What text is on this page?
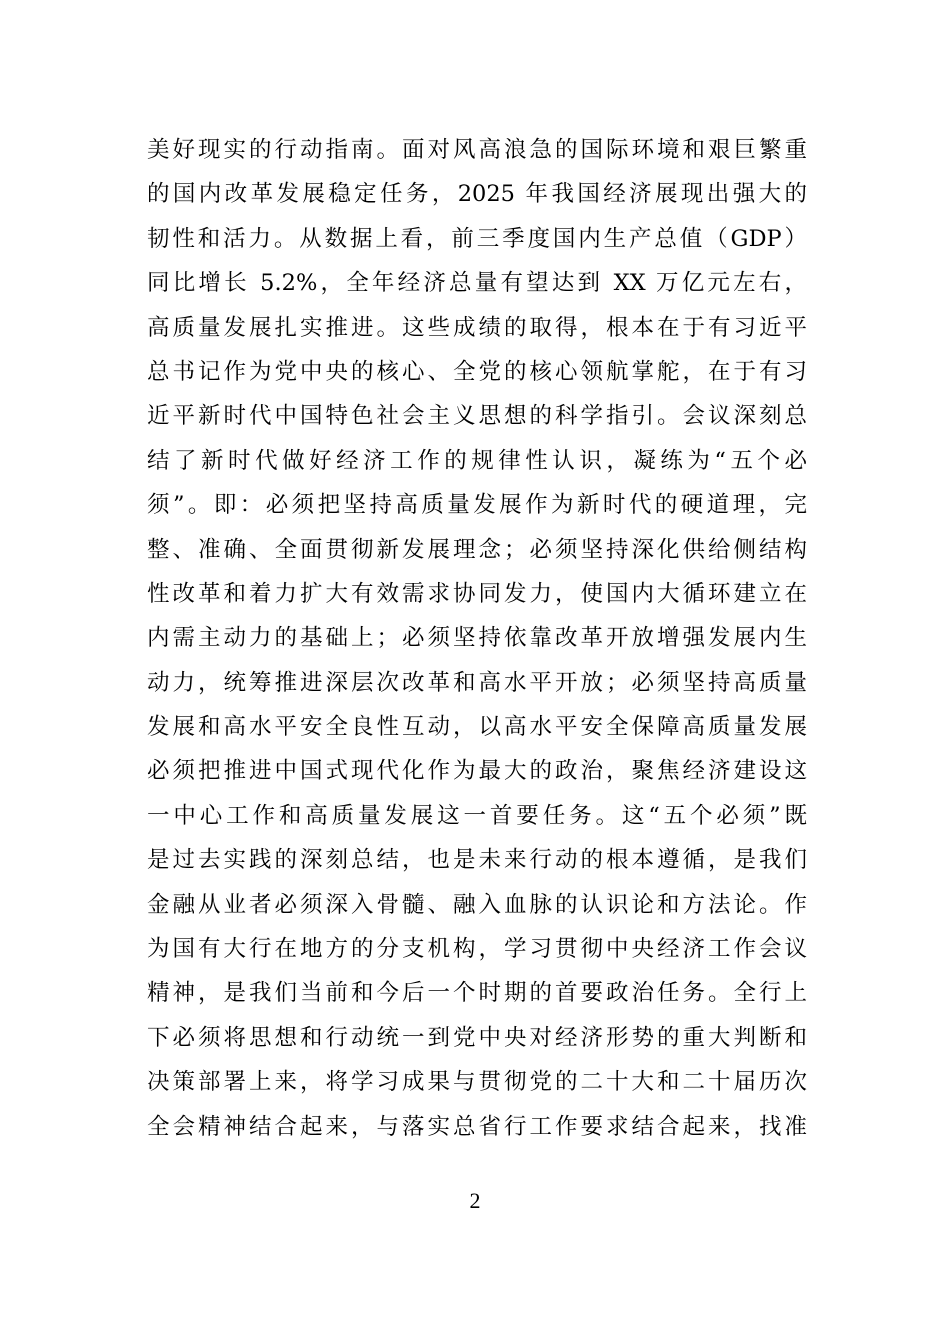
美好现实的行动指南。面对风高浪急的国际环境和艰巨繁重
的国内改革发展稳定任务，2025 年我国经济展现出强大的
韧性和活力。从数据上看，前三季度国内生产总值（GDP）
同比增长 5.2%，全年经济总量有望达到 XX 万亿元左右，
高质量发展扎实推进。这些成绩的取得，根本在于有习近平
总书记作为党中央的核心、全党的核心领航掌舵，在于有习
近平新时代中国特色社会主义思想的科学指引。会议深刻总
结了新时代做好经济工作的规律性认识，凝练为“五个必
须”。即：必须把坚持高质量发展作为新时代的硬道理，完
整、准确、全面贯彻新发展理念；必须坚持深化供给侧结构
性改革和着力扩大有效需求协同发力，使国内大循环建立在
内需主动力的基础上；必须坚持依靠改革开放增强发展内生
动力，统筹推进深层次改革和高水平开放；必须坚持高质量
发展和高水平安全良性互动，以高水平安全保障高质量发展
必须把推进中国式现代化作为最大的政治，聚焦经济建设这
一中心工作和高质量发展这一首要任务。这“五个必须”既
是过去实践的深刻总结，也是未来行动的根本遵循，是我们
金融从业者必须深入骨髓、融入血脉的认识论和方法论。作
为国有大行在地方的分支机构，学习贯彻中央经济工作会议
精神，是我们当前和今后一个时期的首要政治任务。全行上
下必须将思想和行动统一到党中央对经济形势的重大判断和
决策部署上来，将学习成果与贯彻党的二十大和二十届历次
全会精神结合起来，与落实总省行工作要求结合起来，找准
2
